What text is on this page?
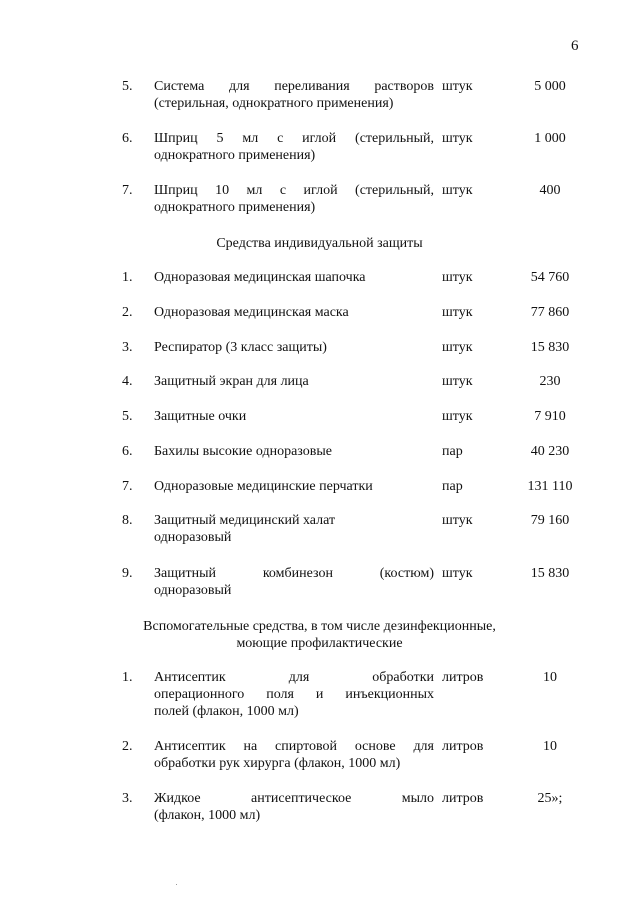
6
5. Система для переливания растворов
(стерильная, однократного применения)
штук	5 000
6. Шприц 5 мл с иглой (стерильный,
однократного применения)
штук	1 000
7. Шприц 10 мл с иглой (стерильный,
однократного применения)
штук	400
Средства индивидуальной защиты
1. Одноразовая медицинская шапочка	штук	54 760
2. Одноразовая медицинская маска	штук	77 860
3. Респиратор (3 класс защиты)	штук	15 830
4. Защитный экран для лица	штук	230
5. Защитные очки	штук	7 910
6. Бахилы высокие одноразовые	пар	40 230
7. Одноразовые медицинские перчатки	пар	131 110
8. Защитный медицинский халат
одноразовый
штук	79 160
9. Защитный комбинезон (костюм)
одноразовый
штук	15 830
Вспомогательные средства, в том числе дезинфекционные,
моющие профилактические
1. Антисептик для обработки
операционного поля и инъекционных
полей (флакон, 1000 мл)
литров	10
2. Антисептик на спиртовой основе для
обработки рук хирурга (флакон, 1000 мл)
литров	10
3. Жидкое антисептическое мыло
(флакон, 1000 мл)
литров	25»;
